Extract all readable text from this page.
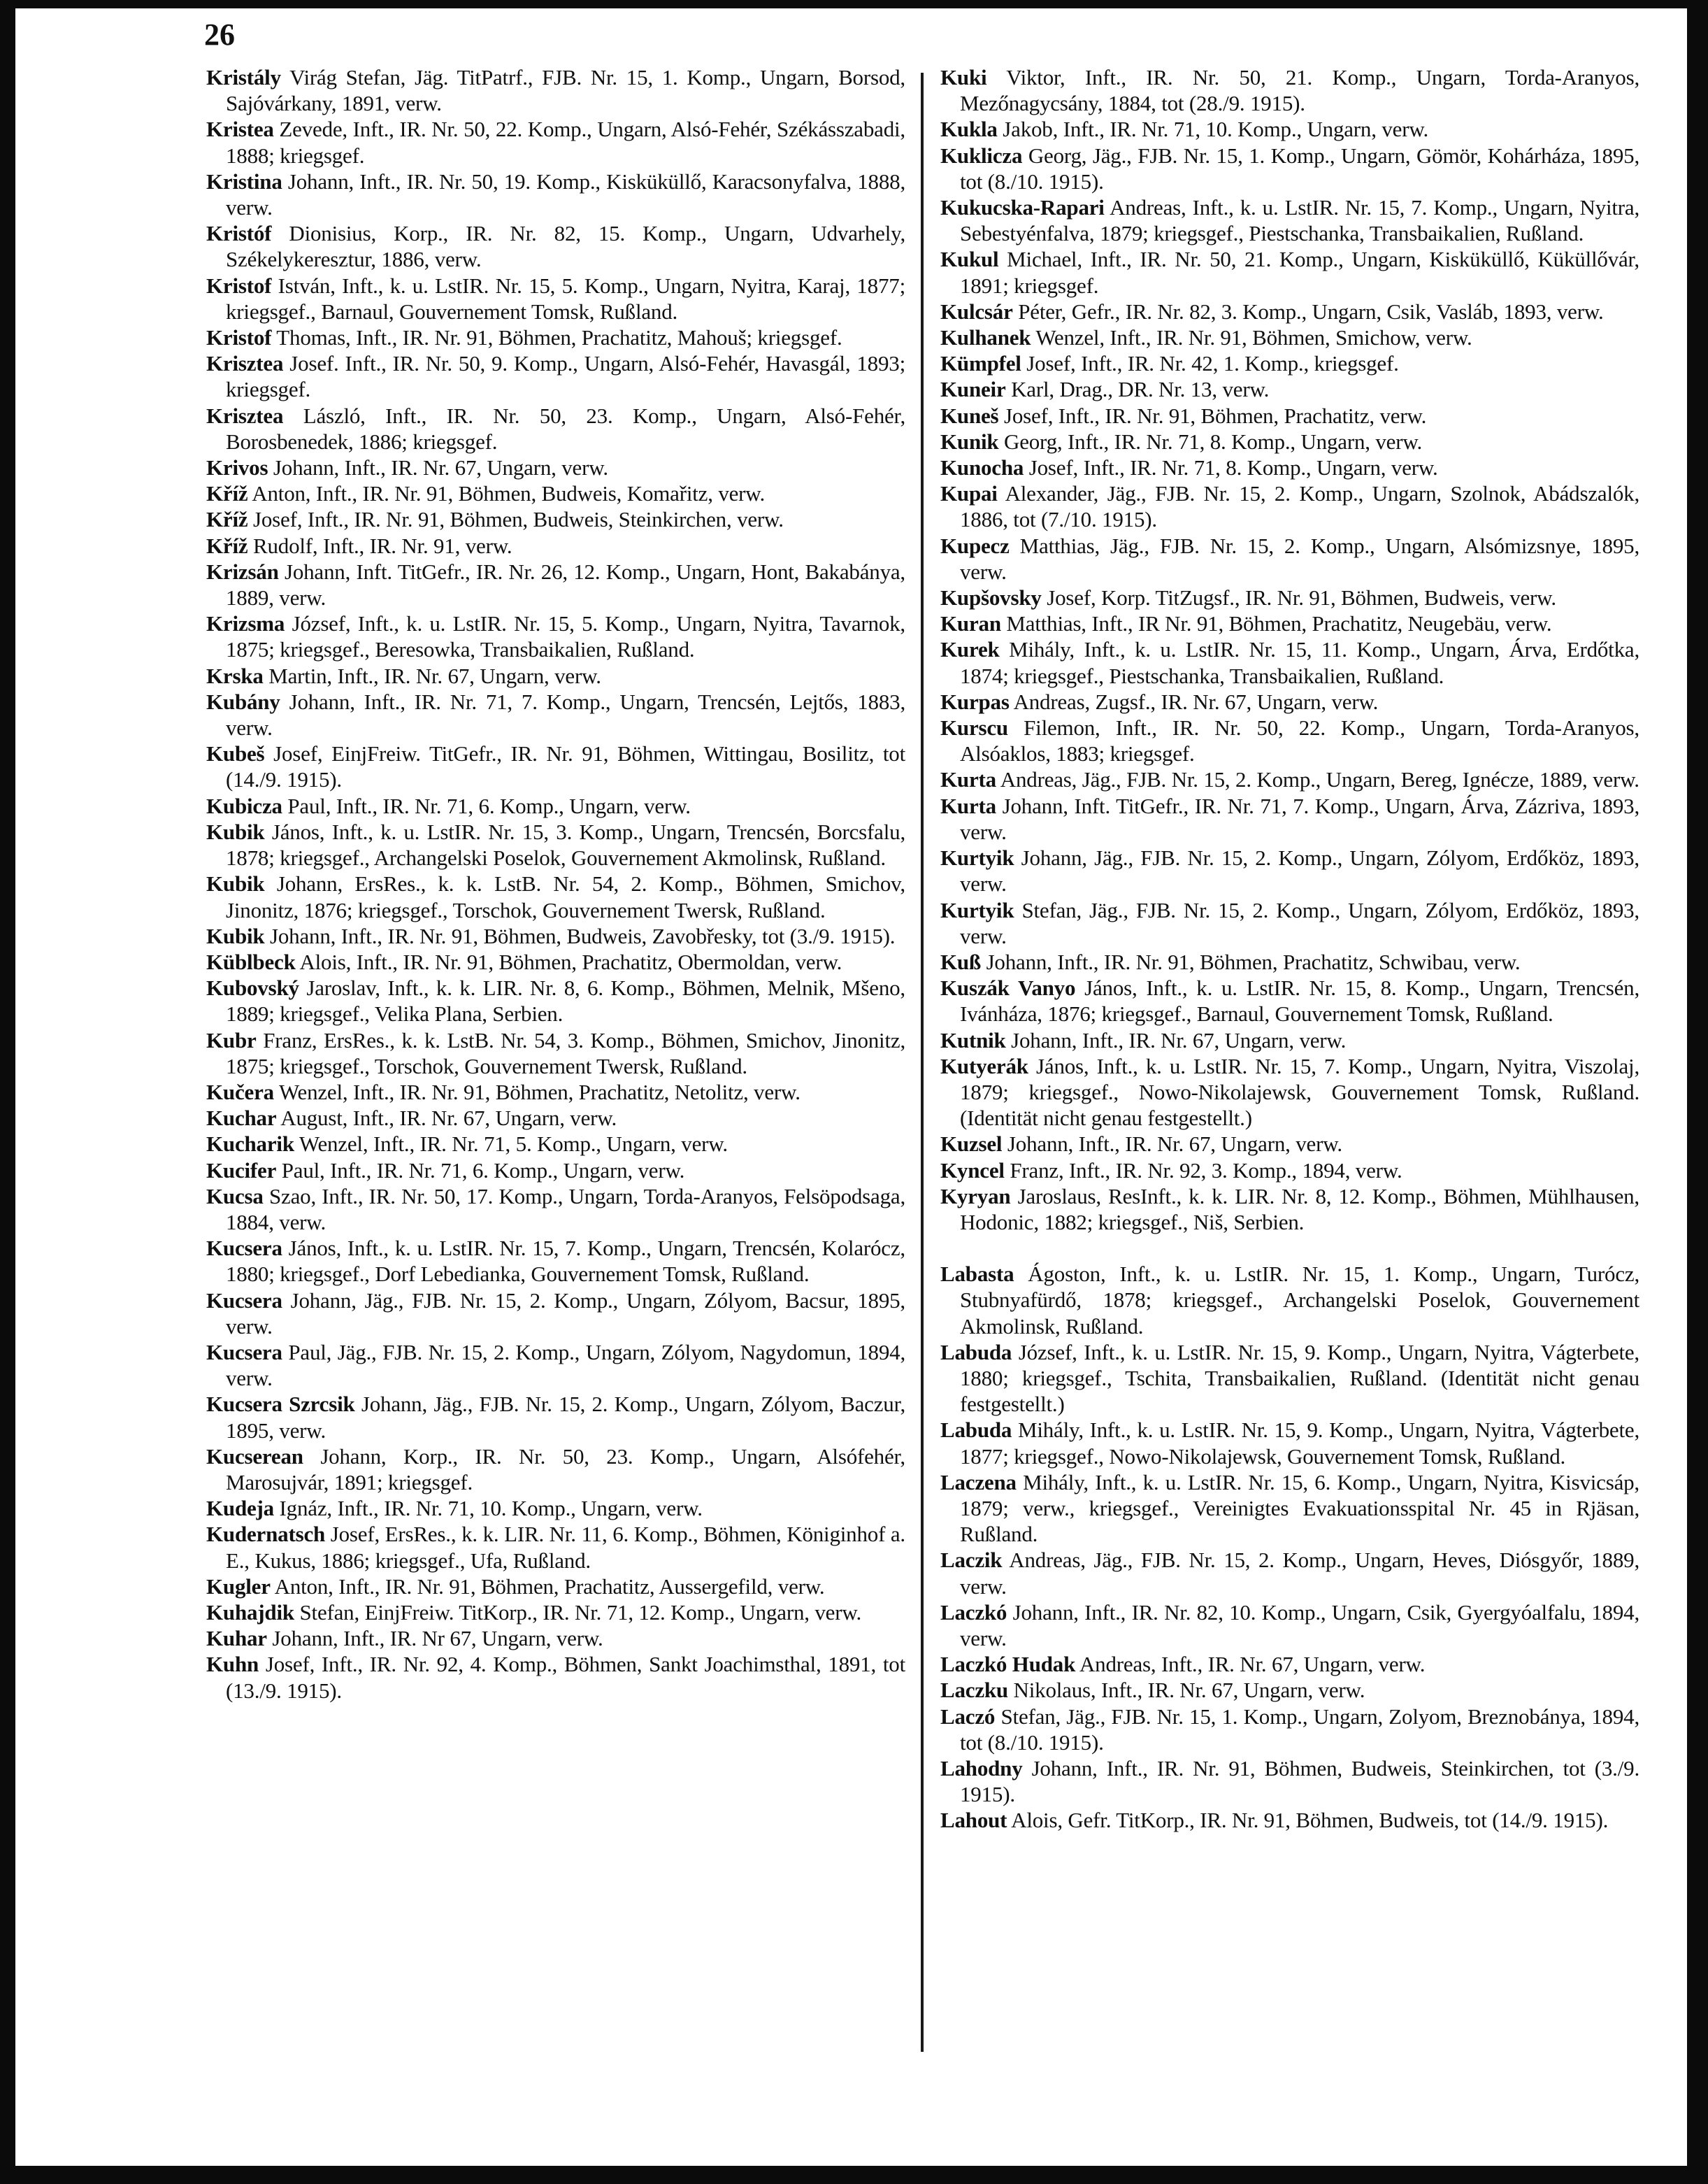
26

Kristály Virág Stefan, Jäg. TitPatrf., FJB. Nr. 15, 1. Komp., Ungarn, Borsod, Sajóvárkany, 1891, verw.

Kristea Zevede, Inft., IR. Nr. 50, 22. Komp., Ungarn, Alsó-Fehér, Székásszabadi, 1888; kriegsgef.

Kristina Johann, Inft., IR. Nr. 50, 19. Komp., Kisküküllő, Karacsonyfalva, 1888, verw.

Kristóf Dionisius, Korp., IR. Nr. 82, 15. Komp., Ungarn, Udvarhely, Székelykeresztur, 1886, verw.

Kristof István, Inft., k. u. LstIR. Nr. 15, 5. Komp., Ungarn, Nyitra, Karaj, 1877; kriegsgef., Barnaul, Gouvernement Tomsk, Rußland.

Kristof Thomas, Inft., IR. Nr. 91, Böhmen, Prachatitz, Mahouš; kriegsgef.

Krisztea Josef. Inft., IR. Nr. 50, 9. Komp., Ungarn, Alsó-Fehér, Havasgál, 1893; kriegsgef.

Krisztea László, Inft., IR. Nr. 50, 23. Komp., Ungarn, Alsó-Fehér, Borosbenedek, 1886; kriegsgef.

Krivos Johann, Inft., IR. Nr. 67, Ungarn, verw.

Kříž Anton, Inft., IR. Nr. 91, Böhmen, Budweis, Komařitz, verw.

Kříž Josef, Inft., IR. Nr. 91, Böhmen, Budweis, Steinkirchen, verw.

Kříž Rudolf, Inft., IR. Nr. 91, verw.

Krizsán Johann, Inft. TitGefr., IR. Nr. 26, 12. Komp., Ungarn, Hont, Bakabánya, 1889, verw.

Krizsma József, Inft., k. u. LstIR. Nr. 15, 5. Komp., Ungarn, Nyitra, Tavarnok, 1875; kriegsgef., Beresowka, Transbaikalien, Rußland.

Krska Martin, Inft., IR. Nr. 67, Ungarn, verw.

Kubány Johann, Inft., IR. Nr. 71, 7. Komp., Ungarn, Trencsén, Lejtős, 1883, verw.

Kubeš Josef, EinjFreiw. TitGefr., IR. Nr. 91, Böhmen, Wittingau, Bosilitz, tot (14./9. 1915).

Kubicza Paul, Inft., IR. Nr. 71, 6. Komp., Ungarn, verw.

Kubik János, Inft., k. u. LstIR. Nr. 15, 3. Komp., Ungarn, Trencsén, Borcsfalu, 1878; kriegsgef., Archangelski Poselok, Gouvernement Akmolinsk, Rußland.

Kubik Johann, ErsRes., k. k. LstB. Nr. 54, 2. Komp., Böhmen, Smichov, Jinonitz, 1876; kriegsgef., Torschok, Gouvernement Twersk, Rußland.

Kubik Johann, Inft., IR. Nr. 91, Böhmen, Budweis, Zavobřesky, tot (3./9. 1915).

Küblbeck Alois, Inft., IR. Nr. 91, Böhmen, Prachatitz, Obermoldan, verw.

Kubovský Jaroslav, Inft., k. k. LIR. Nr. 8, 6. Komp., Böhmen, Melnik, Mšeno, 1889; kriegsgef., Velika Plana, Serbien.

Kubr Franz, ErsRes., k. k. LstB. Nr. 54, 3. Komp., Böhmen, Smichov, Jinonitz, 1875; kriegsgef., Torschok, Gouvernement Twersk, Rußland.

Kučera Wenzel, Inft., IR. Nr. 91, Böhmen, Prachatitz, Netolitz, verw.

Kuchar August, Inft., IR. Nr. 67, Ungarn, verw.

Kucharik Wenzel, Inft., IR. Nr. 71, 5. Komp., Ungarn, verw.

Kucifer Paul, Inft., IR. Nr. 71, 6. Komp., Ungarn, verw.

Kucsa Szao, Inft., IR. Nr. 50, 17. Komp., Ungarn, Torda-Aranyos, Felsöpodsaga, 1884, verw.

Kucsera János, Inft., k. u. LstIR. Nr. 15, 7. Komp., Ungarn, Trencsén, Kolarócz, 1880; kriegsgef., Dorf Lebedianka, Gouvernement Tomsk, Rußland.

Kucsera Johann, Jäg., FJB. Nr. 15, 2. Komp., Ungarn, Zólyom, Bacsur, 1895, verw.

Kucsera Paul, Jäg., FJB. Nr. 15, 2. Komp., Ungarn, Zólyom, Nagydomun, 1894, verw.

Kucsera Szrcsik Johann, Jäg., FJB. Nr. 15, 2. Komp., Ungarn, Zólyom, Baczur, 1895, verw.

Kucserean Johann, Korp., IR. Nr. 50, 23. Komp., Ungarn, Alsófehér, Marosujvár, 1891; kriegsgef.

Kudeja Ignáz, Inft., IR. Nr. 71, 10. Komp., Ungarn, verw.

Kudernatsch Josef, ErsRes., k. k. LIR. Nr. 11, 6. Komp., Böhmen, Königinhof a. E., Kukus, 1886; kriegsgef., Ufa, Rußland.

Kugler Anton, Inft., IR. Nr. 91, Böhmen, Prachatitz, Aussergefild, verw.

Kuhajdik Stefan, EinjFreiw. TitKorp., IR. Nr. 71, 12. Komp., Ungarn, verw.

Kuhar Johann, Inft., IR. Nr 67, Ungarn, verw.

Kuhn Josef, Inft., IR. Nr. 92, 4. Komp., Böhmen, Sankt Joachimsthal, 1891, tot (13./9. 1915).

Kuki Viktor, Inft., IR. Nr. 50, 21. Komp., Ungarn, Torda-Aranyos, Mezőnagycsány, 1884, tot (28./9. 1915).

Kukla Jakob, Inft., IR. Nr. 71, 10. Komp., Ungarn, verw.

Kuklicza Georg, Jäg., FJB. Nr. 15, 1. Komp., Ungarn, Gömör, Kohárháza, 1895, tot (8./10. 1915).

Kukucska-Rapari Andreas, Inft., k. u. LstIR. Nr. 15, 7. Komp., Ungarn, Nyitra, Sebestyénfalva, 1879; kriegsgef., Piestschanka, Transbaikalien, Rußland.

Kukul Michael, Inft., IR. Nr. 50, 21. Komp., Ungarn, Kisküküllő, Küküllővár, 1891; kriegsgef.

Kulcsár Péter, Gefr., IR. Nr. 82, 3. Komp., Ungarn, Csik, Vasláb, 1893, verw.

Kulhanek Wenzel, Inft., IR. Nr. 91, Böhmen, Smichow, verw.

Kümpfel Josef, Inft., IR. Nr. 42, 1. Komp., kriegsgef.

Kuneir Karl, Drag., DR. Nr. 13, verw.

Kuneš Josef, Inft., IR. Nr. 91, Böhmen, Prachatitz, verw.

Kunik Georg, Inft., IR. Nr. 71, 8. Komp., Ungarn, verw.

Kunocha Josef, Inft., IR. Nr. 71, 8. Komp., Ungarn, verw.

Kupai Alexander, Jäg., FJB. Nr. 15, 2. Komp., Ungarn, Szolnok, Abádszalók, 1886, tot (7./10. 1915).

Kupecz Matthias, Jäg., FJB. Nr. 15, 2. Komp., Ungarn, Alsómizsnye, 1895, verw.

Kupšovsky Josef, Korp. TitZugsf., IR. Nr. 91, Böhmen, Budweis, verw.

Kuran Matthias, Inft., IR Nr. 91, Böhmen, Prachatitz, Neugebäu, verw.

Kurek Mihály, Inft., k. u. LstIR. Nr. 15, 11. Komp., Ungarn, Árva, Erdőtka, 1874; kriegsgef., Piestschanka, Transbaikalien, Rußland.

Kurpas Andreas, Zugsf., IR. Nr. 67, Ungarn, verw.

Kurscu Filemon, Inft., IR. Nr. 50, 22. Komp., Ungarn, Torda-Aranyos, Alsóaklos, 1883; kriegsgef.

Kurta Andreas, Jäg., FJB. Nr. 15, 2. Komp., Ungarn, Bereg, Ignécze, 1889, verw.

Kurta Johann, Inft. TitGefr., IR. Nr. 71, 7. Komp., Ungarn, Árva, Zázriva, 1893, verw.

Kurtyik Johann, Jäg., FJB. Nr. 15, 2. Komp., Ungarn, Zólyom, Erdőköz, 1893, verw.

Kurtyik Stefan, Jäg., FJB. Nr. 15, 2. Komp., Ungarn, Zólyom, Erdőköz, 1893, verw.

Kuß Johann, Inft., IR. Nr. 91, Böhmen, Prachatitz, Schwibau, verw.

Kuszák Vanyo János, Inft., k. u. LstIR. Nr. 15, 8. Komp., Ungarn, Trencsén, Ivánháza, 1876; kriegsgef., Barnaul, Gouvernement Tomsk, Rußland.

Kutnik Johann, Inft., IR. Nr. 67, Ungarn, verw.

Kutyerák János, Inft., k. u. LstIR. Nr. 15, 7. Komp., Ungarn, Nyitra, Viszolaj, 1879; kriegsgef., Nowo-Nikolajewsk, Gouvernement Tomsk, Rußland. (Identität nicht genau festgestellt.)

Kuzsel Johann, Inft., IR. Nr. 67, Ungarn, verw.

Kyncel Franz, Inft., IR. Nr. 92, 3. Komp., 1894, verw.

Kyryan Jaroslaus, ResInft., k. k. LIR. Nr. 8, 12. Komp., Böhmen, Mühlhausen, Hodonic, 1882; kriegsgef., Niš, Serbien.

Labasta Ágoston, Inft., k. u. LstIR. Nr. 15, 1. Komp., Ungarn, Turócz, Stubnyafürdő, 1878; kriegsgef., Archangelski Poselok, Gouvernement Akmolinsk, Rußland.

Labuda József, Inft., k. u. LstIR. Nr. 15, 9. Komp., Ungarn, Nyitra, Vágterbete, 1880; kriegsgef., Tschita, Transbaikalien, Rußland. (Identität nicht genau festgestellt.)

Labuda Mihály, Inft., k. u. LstIR. Nr. 15, 9. Komp., Ungarn, Nyitra, Vágterbete, 1877; kriegsgef., Nowo-Nikolajewsk, Gouvernement Tomsk, Rußland.

Laczena Mihály, Inft., k. u. LstIR. Nr. 15, 6. Komp., Ungarn, Nyitra, Kisvicsáp, 1879; verw., kriegsgef., Vereinigtes Evakuationsspital Nr. 45 in Rjäsan, Rußland.

Laczik Andreas, Jäg., FJB. Nr. 15, 2. Komp., Ungarn, Heves, Diósgyőr, 1889, verw.

Laczkó Johann, Inft., IR. Nr. 82, 10. Komp., Ungarn, Csik, Gyergyóalfalu, 1894, verw.

Laczkó Hudak Andreas, Inft., IR. Nr. 67, Ungarn, verw.

Laczku Nikolaus, Inft., IR. Nr. 67, Ungarn, verw.

Laczó Stefan, Jäg., FJB. Nr. 15, 1. Komp., Ungarn, Zolyom, Breznobánya, 1894, tot (8./10. 1915).

Lahodny Johann, Inft., IR. Nr. 91, Böhmen, Budweis, Steinkirchen, tot (3./9. 1915).

Lahout Alois, Gefr. TitKorp., IR. Nr. 91, Böhmen, Budweis, tot (14./9. 1915).
